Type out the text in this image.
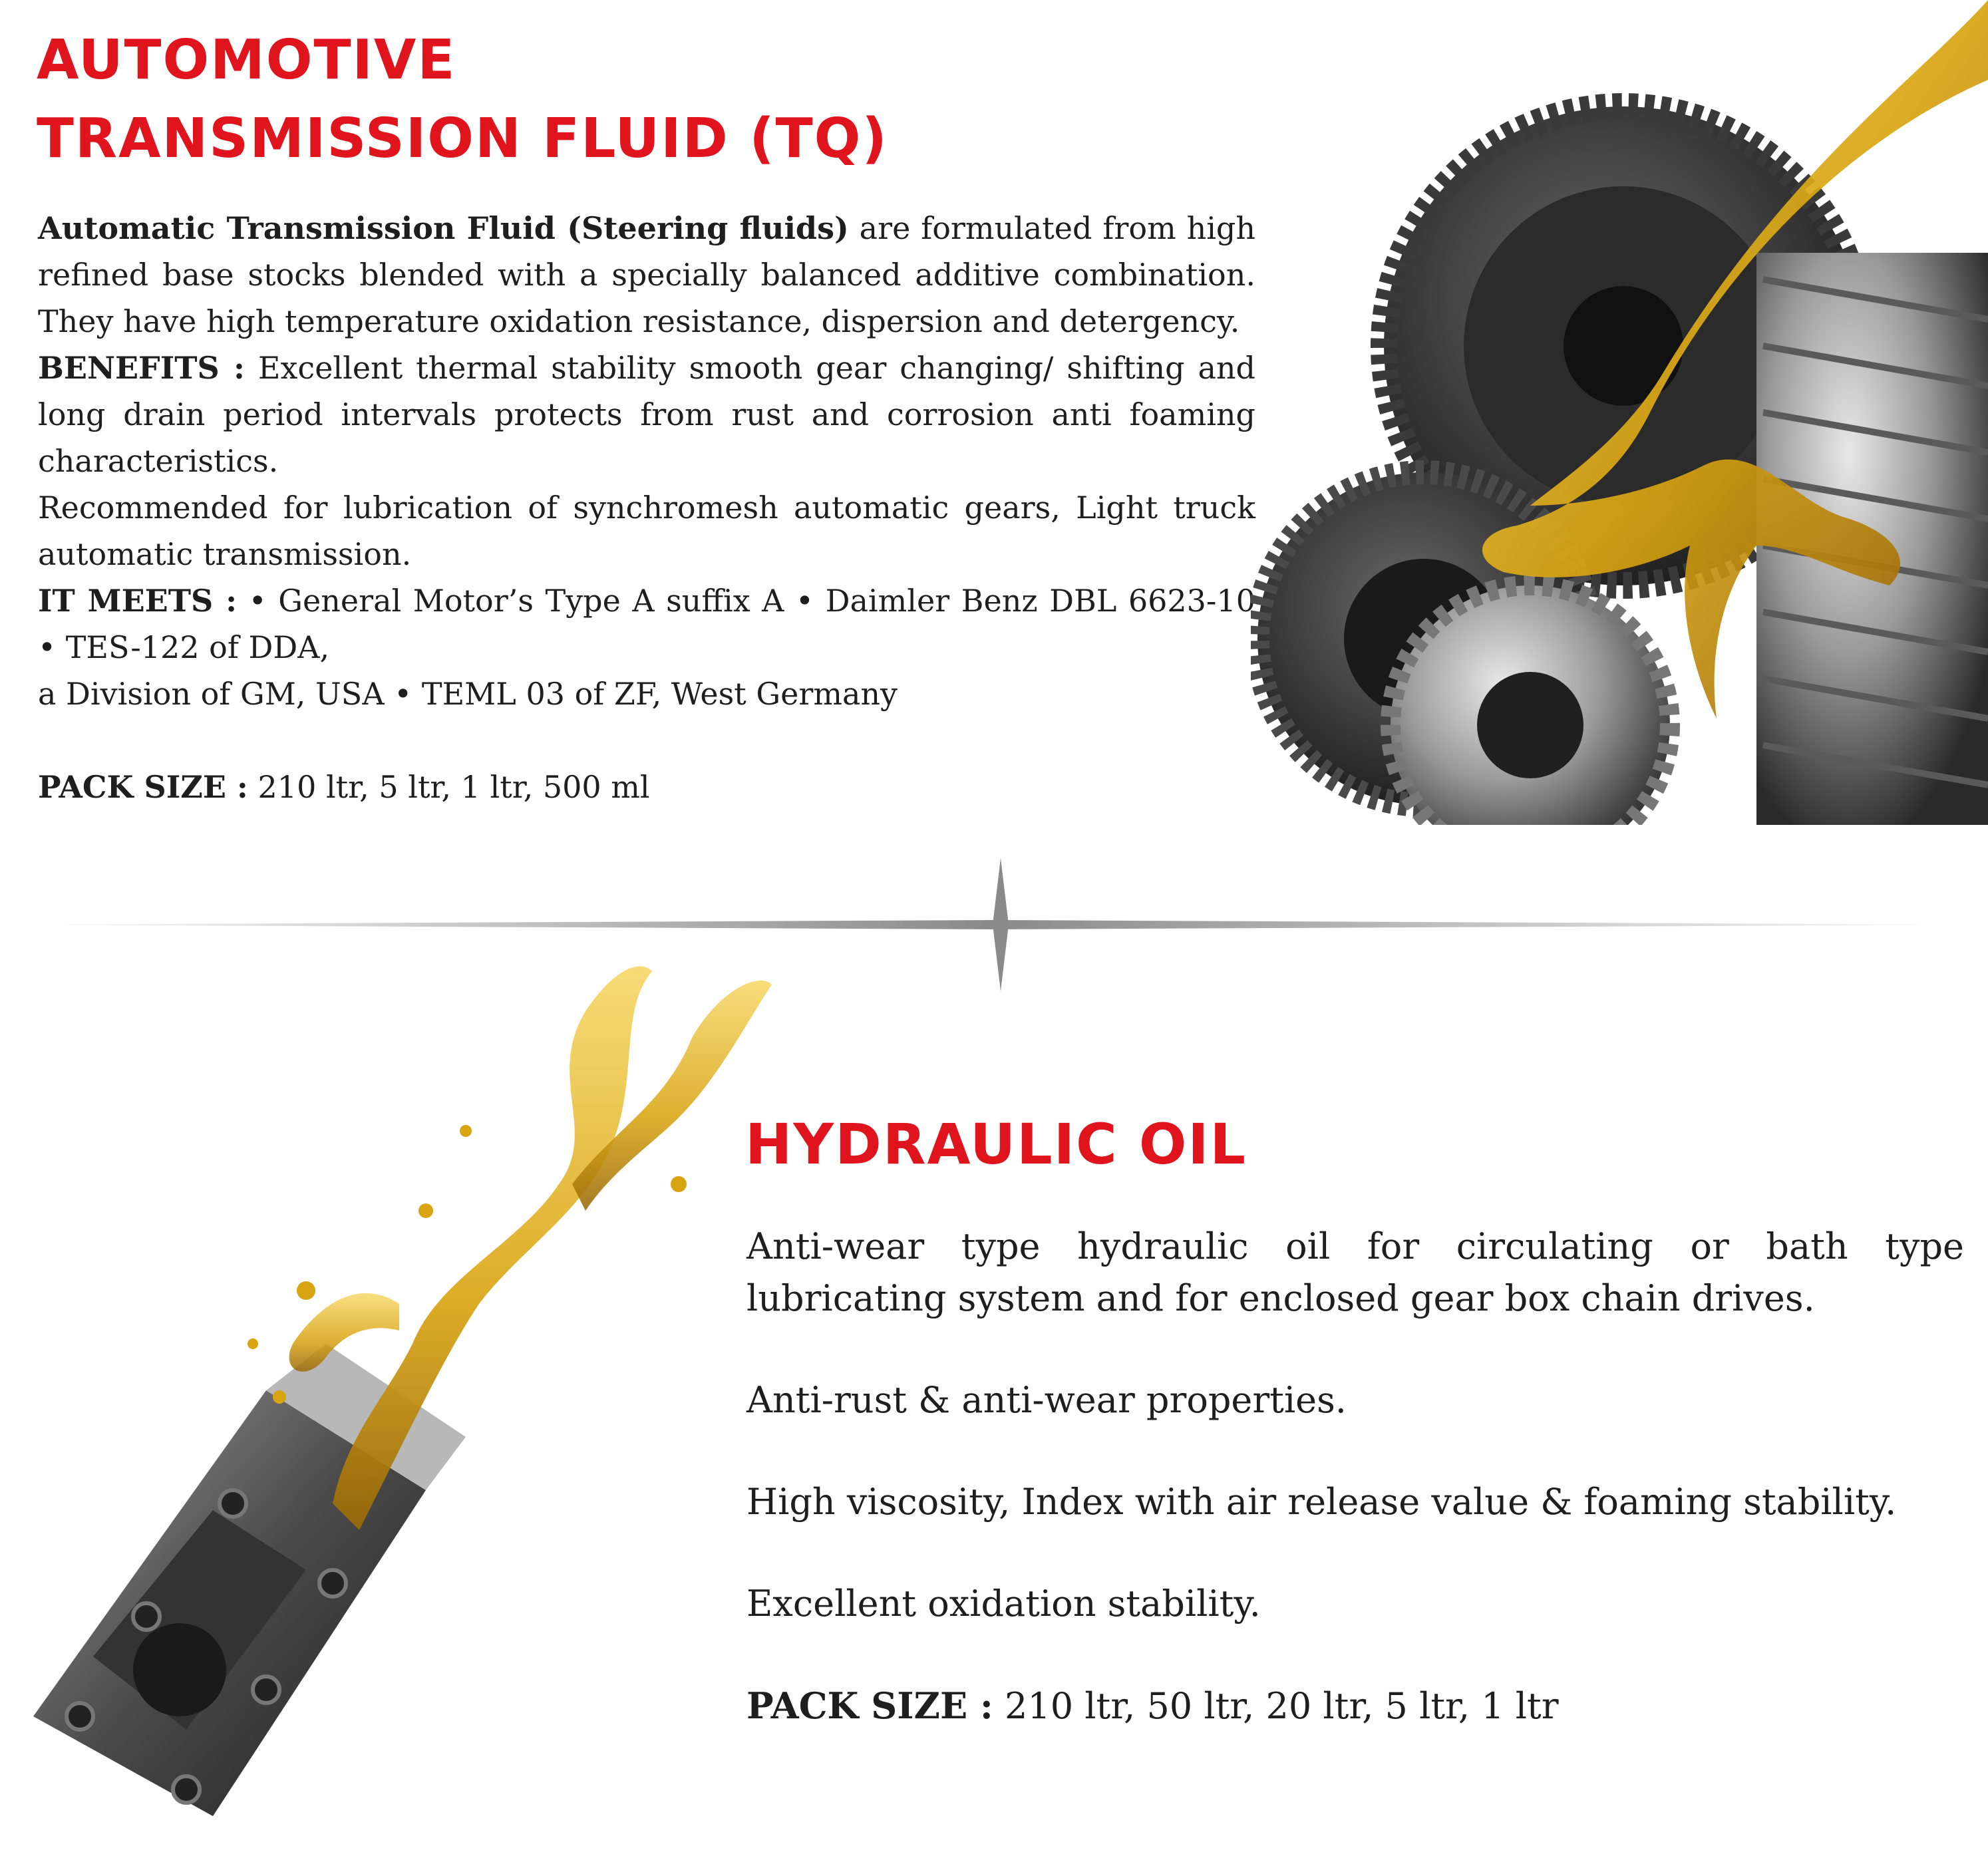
AUTOMOTIVE
TRANSMISSION FLUID (TQ)

Automatic Transmission Fluid (Steering fluids) are formulated from high refined base stocks blended with a specially balanced additive combination. They have high temperature oxidation resistance, dispersion and detergency.

BENEFITS : Excellent thermal stability smooth gear changing/ shifting and long drain period intervals protects from rust and corrosion anti foaming characteristics.

Recommended for lubrication of synchromesh automatic gears, Light truck automatic transmission.

IT MEETS : • General Motor’s Type A suffix A • Daimler Benz DBL 6623-10 • TES-122 of DDA,

a Division of GM, USA • TEML 03 of ZF, West Germany

PACK SIZE : 210 ltr, 5 ltr, 1 ltr, 500 ml

HYDRAULIC OIL

Anti-wear type hydraulic oil for circulating or bath type lubricating system and for enclosed gear box chain drives.

Anti-rust & anti-wear properties.

High viscosity, Index with air release value & foaming stability.

Excellent oxidation stability.

PACK SIZE : 210 ltr, 50 ltr, 20 ltr, 5 ltr, 1 ltr
